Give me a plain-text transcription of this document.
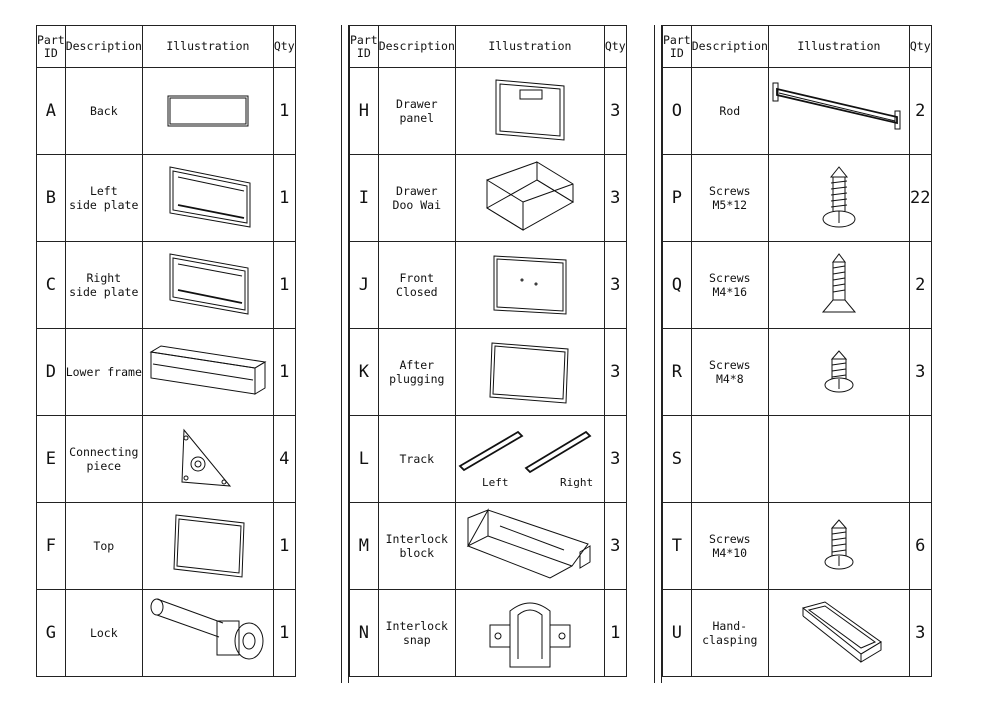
Part
ID	Description	Illustration	Qty
A	Back		1
B	Left
side plate		1
C	Right
side plate		1
D	Lower frame		1
E	Connecting
piece		4
F	Top		1
G	Lock		1
Part
ID	Description	Illustration	Qty
H	Drawer panel		3
I	Drawer
Doo Wai		3
J	Front Closed		3
K	After
plugging		3
L	Track	Left Right	3
M	Interlock
block		3
N	Interlock
snap		1
Part
ID	Description	Illustration	Qty
O	Rod		2
P	Screws
M5*12		22
Q	Screws
M4*16		2
R	Screws
M4*8		3
S			
T	Screws
M4*10		6
U	Hand-clasping		3
